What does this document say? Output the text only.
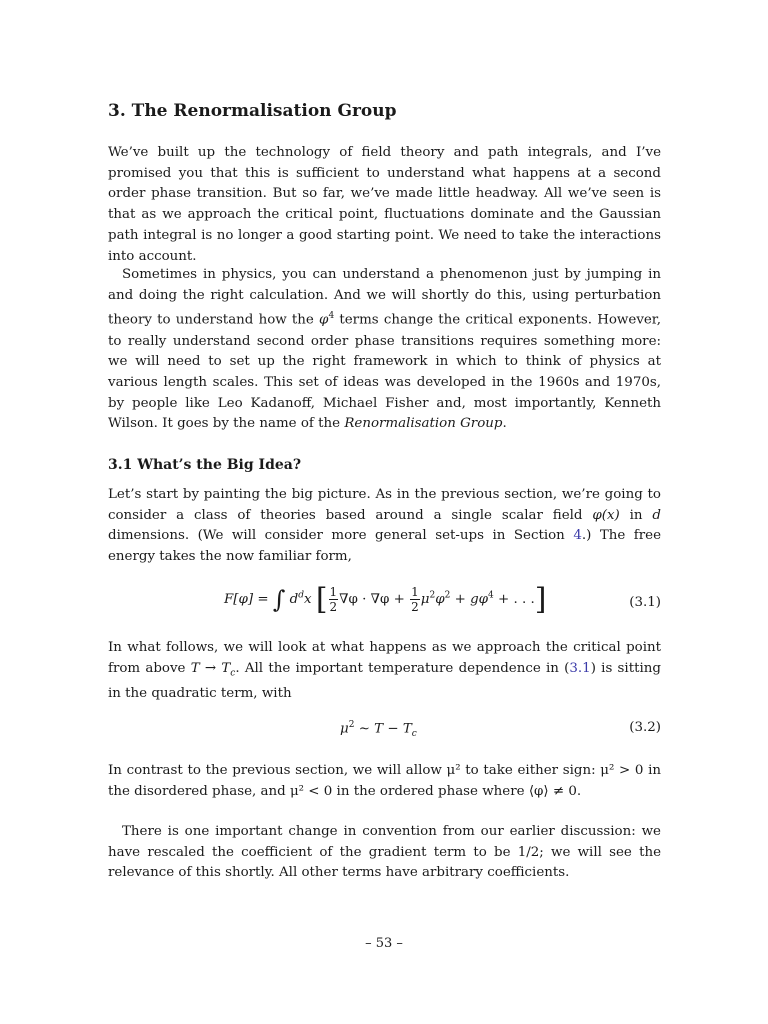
3. The Renormalisation Group

We’ve built up the technology of field theory and path integrals, and I’ve promised you that this is sufficient to understand what happens at a second order phase transition. But so far, we’ve made little headway. All we’ve seen is that as we approach the critical point, fluctuations dominate and the Gaussian path integral is no longer a good starting point. We need to take the interactions into account.

Sometimes in physics, you can understand a phenomenon just by jumping in and doing the right calculation. And we will shortly do this, using perturbation theory to understand how the $\varphi^4$ terms change the critical exponents. However, to really understand second order phase transitions requires something more: we will need to set up the right framework in which to think of physics at various length scales. This set of ideas was developed in the 1960s and 1970s, by people like Leo Kadanoff, Michael Fisher and, most importantly, Kenneth Wilson. It goes by the name of the Renormalisation Group.

3.1 What’s the Big Idea?

Let’s start by painting the big picture. As in the previous section, we’re going to consider a class of theories based around a single scalar field φ(x) in d dimensions. (We will consider more general set-ups in Section 4.) The free energy takes the now familiar form,

F[φ] = ∫ $d^dx$ [ $\frac{1}{2} \nabla\varphi \cdot \nabla\varphi + \frac{1}{2} \mu^2\varphi^2 + g\varphi^4$ + . . .]	(3.1)

In what follows, we will look at what happens as we approach the critical point from above $T \to T_c$. All the important temperature dependence in (3.1) is sitting in the quadratic term, with

$\mu^2$ ∼ $T - T_c$	(3.2)

In contrast to the previous section, we will allow μ² to take either sign: μ² > 0 in the disordered phase, and μ² < 0 in the ordered phase where ⟨φ⟩ ≠ 0.

There is one important change in convention from our earlier discussion: we have rescaled the coefficient of the gradient term to be 1/2; we will see the relevance of this shortly. All other terms have arbitrary coefficients.

– 53 –
